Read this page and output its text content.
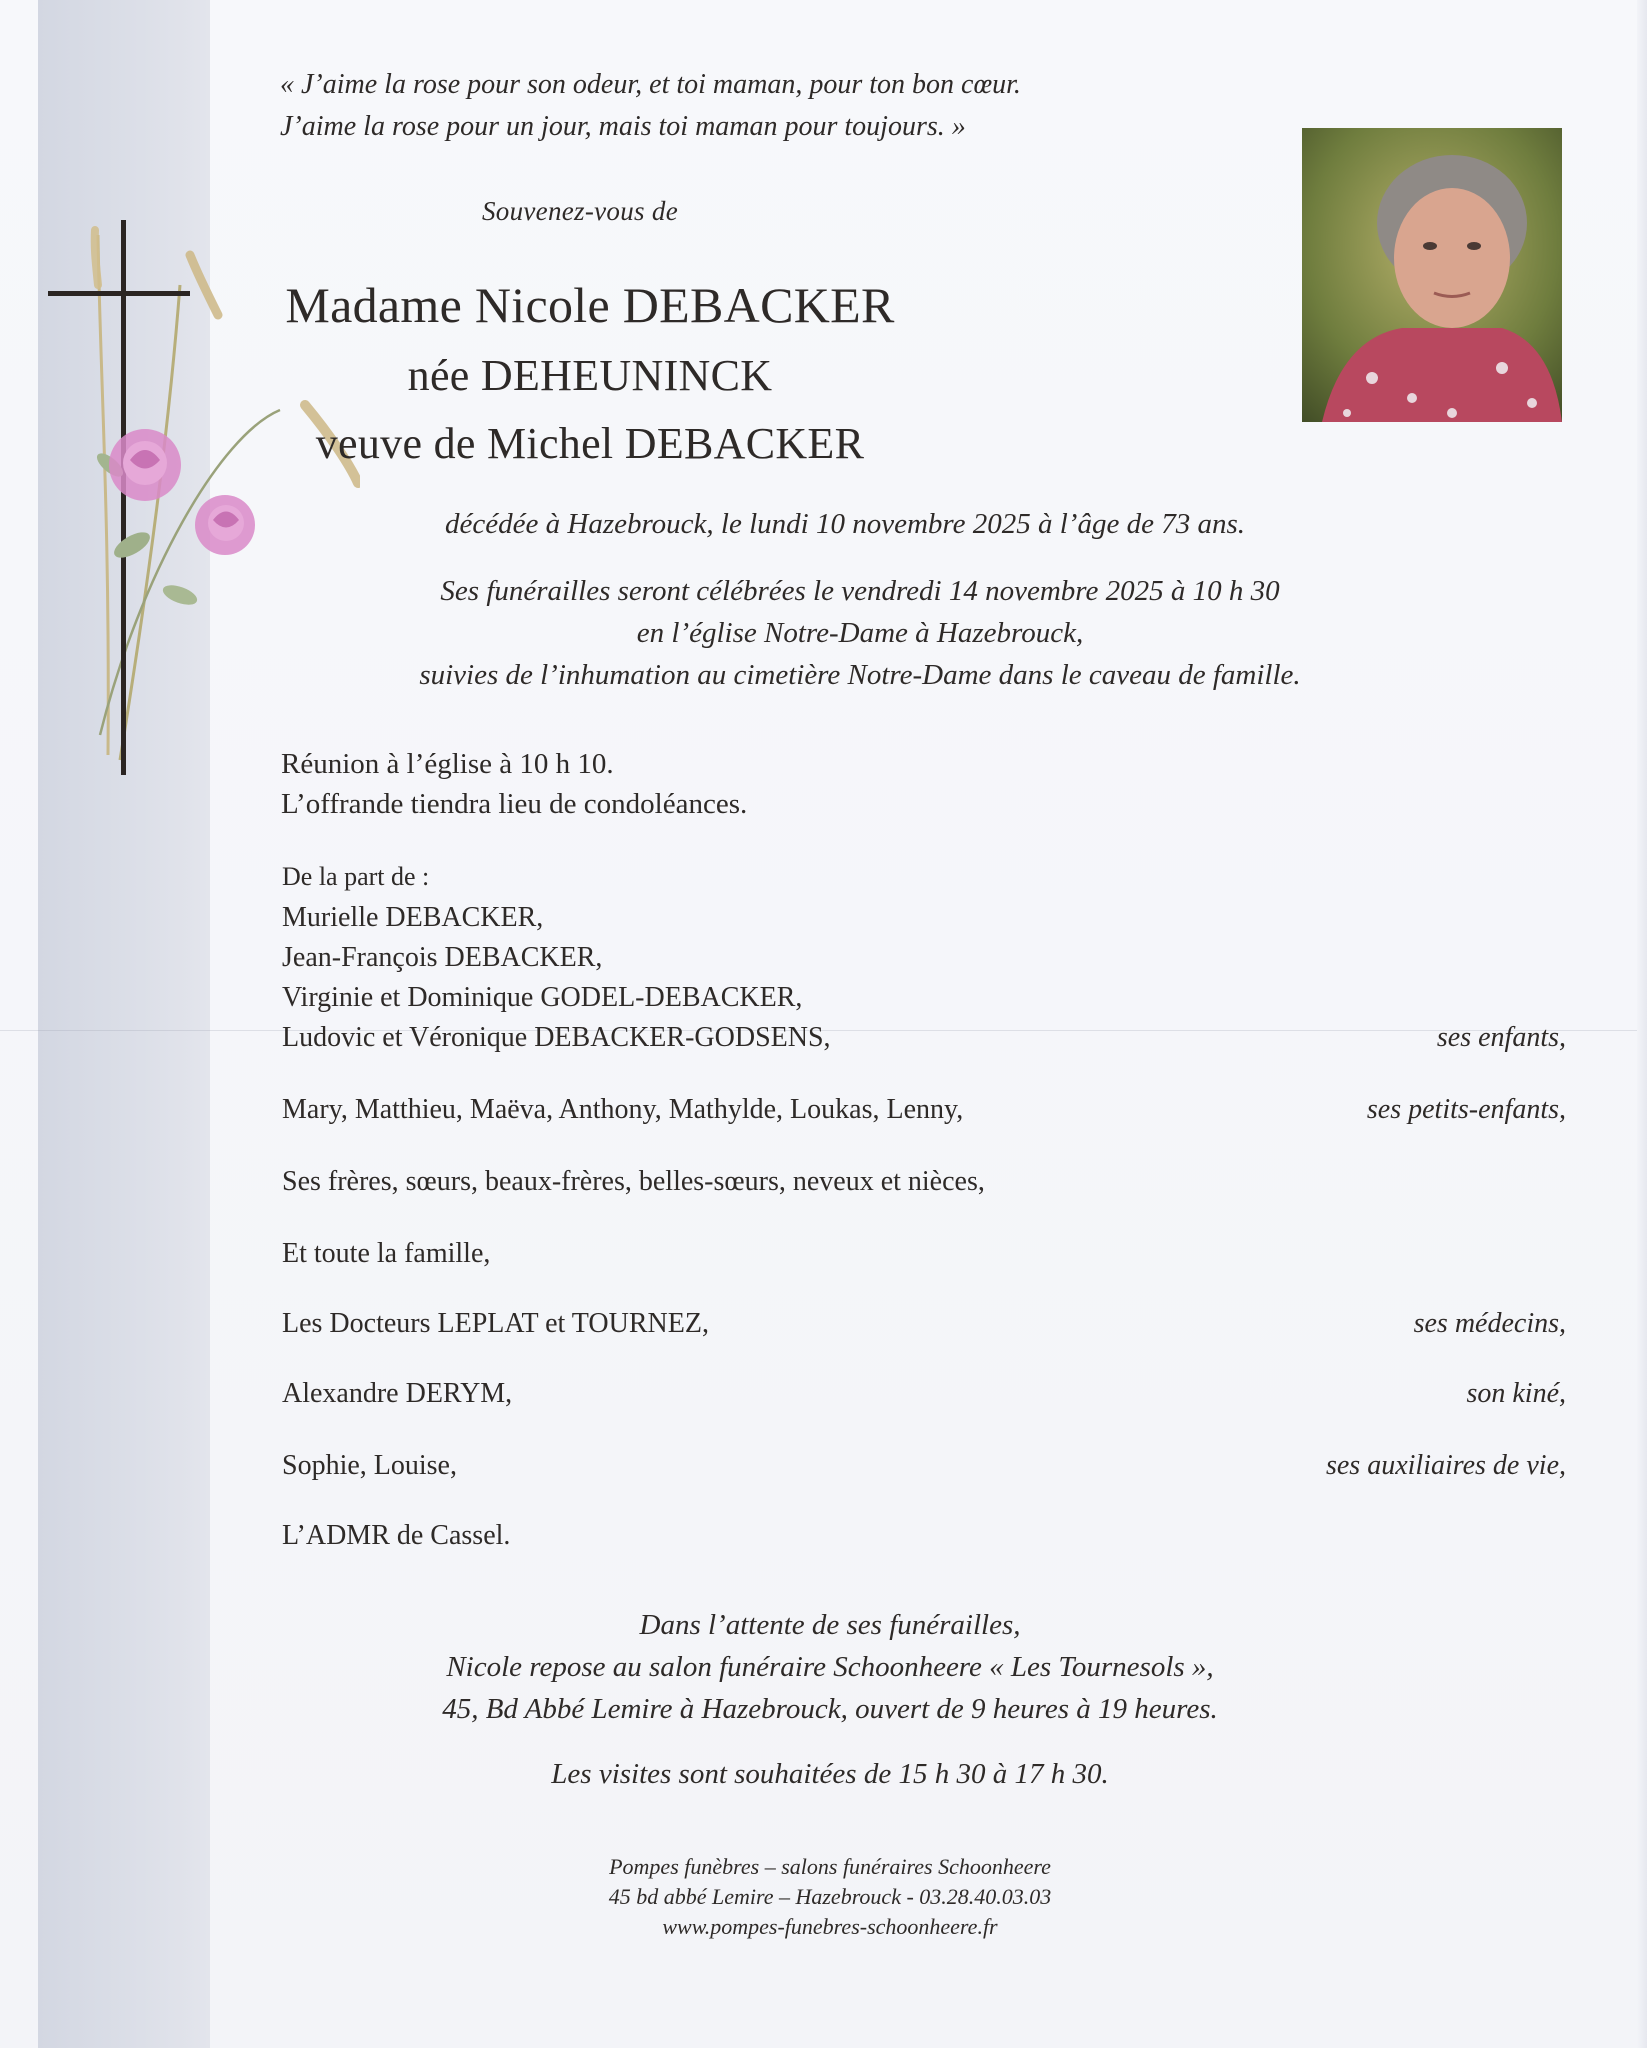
« J’aime la rose pour son odeur, et toi maman, pour ton bon cœur.
J’aime la rose pour un jour, mais toi maman pour toujours. »
Souvenez-vous de
Madame Nicole DEBACKER
née DEHEUNINCK
veuve de Michel DEBACKER
décédée à Hazebrouck, le lundi 10 novembre 2025 à l’âge de 73 ans.
Ses funérailles seront célébrées le vendredi 14 novembre 2025 à 10 h 30
en l’église Notre-Dame à Hazebrouck,
suivies de l’inhumation au cimetière Notre-Dame dans le caveau de famille.
Réunion à l’église à 10 h 10.
L’offrande tiendra lieu de condoléances.
De la part de :
Murielle DEBACKER,
Jean-François DEBACKER,
Virginie et Dominique GODEL-DEBACKER,
Ludovic et Véronique DEBACKER-GODSENS,	ses enfants,
Mary, Matthieu, Maëva, Anthony, Mathylde, Loukas, Lenny,	ses petits-enfants,
Ses frères, sœurs, beaux-frères, belles-sœurs, neveux et nièces,
Et toute la famille,
Les Docteurs LEPLAT et TOURNEZ,	ses médecins,
Alexandre DERYM,	son kiné,
Sophie, Louise,	ses auxiliaires de vie,
L’ADMR de Cassel.
Dans l’attente de ses funérailles,
Nicole repose au salon funéraire Schoonheere « Les Tournesols »,
45, Bd Abbé Lemire à Hazebrouck, ouvert de 9 heures à 19 heures.
Les visites sont souhaitées de 15 h 30 à 17 h 30.
Pompes funèbres – salons funéraires Schoonheere
45 bd abbé Lemire – Hazebrouck - 03.28.40.03.03
www.pompes-funebres-schoonheere.fr
